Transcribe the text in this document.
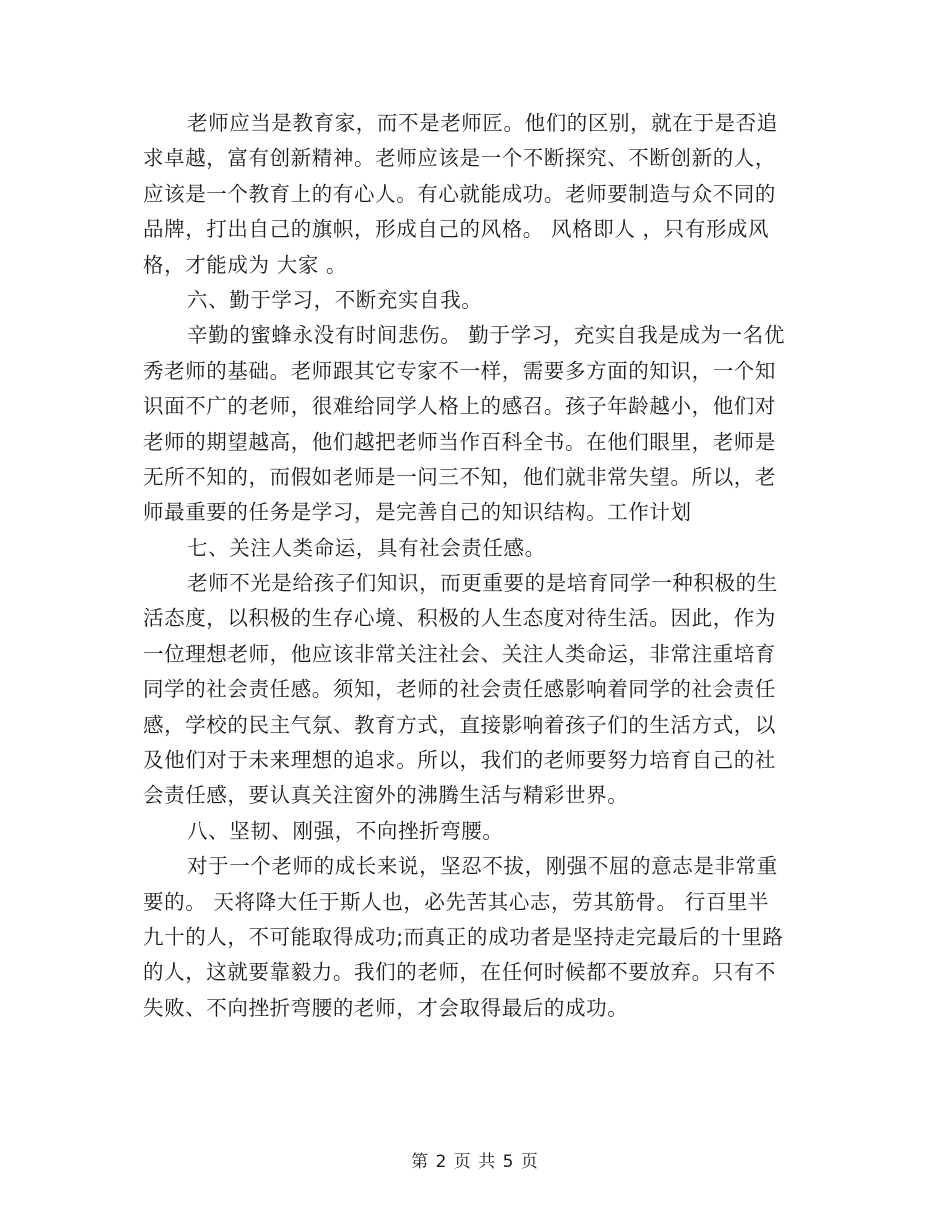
老师应当是教育家，而不是老师匠。他们的区别，就在于是否追
求卓越，富有创新精神。老师应该是一个不断探究、不断创新的人，
应该是一个教育上的有心人。有心就能成功。老师要制造与众不同的
品牌，打出自己的旗帜，形成自己的风格。 风格即人 ，只有形成风
格，才能成为 大家 。
六、勤于学习，不断充实自我。
辛勤的蜜蜂永没有时间悲伤。 勤于学习，充实自我是成为一名优
秀老师的基础。老师跟其它专家不一样，需要多方面的知识，一个知
识面不广的老师，很难给同学人格上的感召。孩子年龄越小，他们对
老师的期望越高，他们越把老师当作百科全书。在他们眼里，老师是
无所不知的，而假如老师是一问三不知，他们就非常失望。所以，老
师最重要的任务是学习，是完善自己的知识结构。工作计划
七、关注人类命运，具有社会责任感。
老师不光是给孩子们知识，而更重要的是培育同学一种积极的生
活态度，以积极的生存心境、积极的人生态度对待生活。因此，作为
一位理想老师，他应该非常关注社会、关注人类命运，非常注重培育
同学的社会责任感。须知，老师的社会责任感影响着同学的社会责任
感，学校的民主气氛、教育方式，直接影响着孩子们的生活方式，以
及他们对于未来理想的追求。所以，我们的老师要努力培育自己的社
会责任感，要认真关注窗外的沸腾生活与精彩世界。
八、坚韧、刚强，不向挫折弯腰。
对于一个老师的成长来说，坚忍不拔，刚强不屈的意志是非常重
要的。 天将降大任于斯人也，必先苦其心志，劳其筋骨。 行百里半
九十的人，不可能取得成功;而真正的成功者是坚持走完最后的十里路
的人，这就要靠毅力。我们的老师，在任何时候都不要放弃。只有不
失败、不向挫折弯腰的老师，才会取得最后的成功。
第 2 页 共 5 页
